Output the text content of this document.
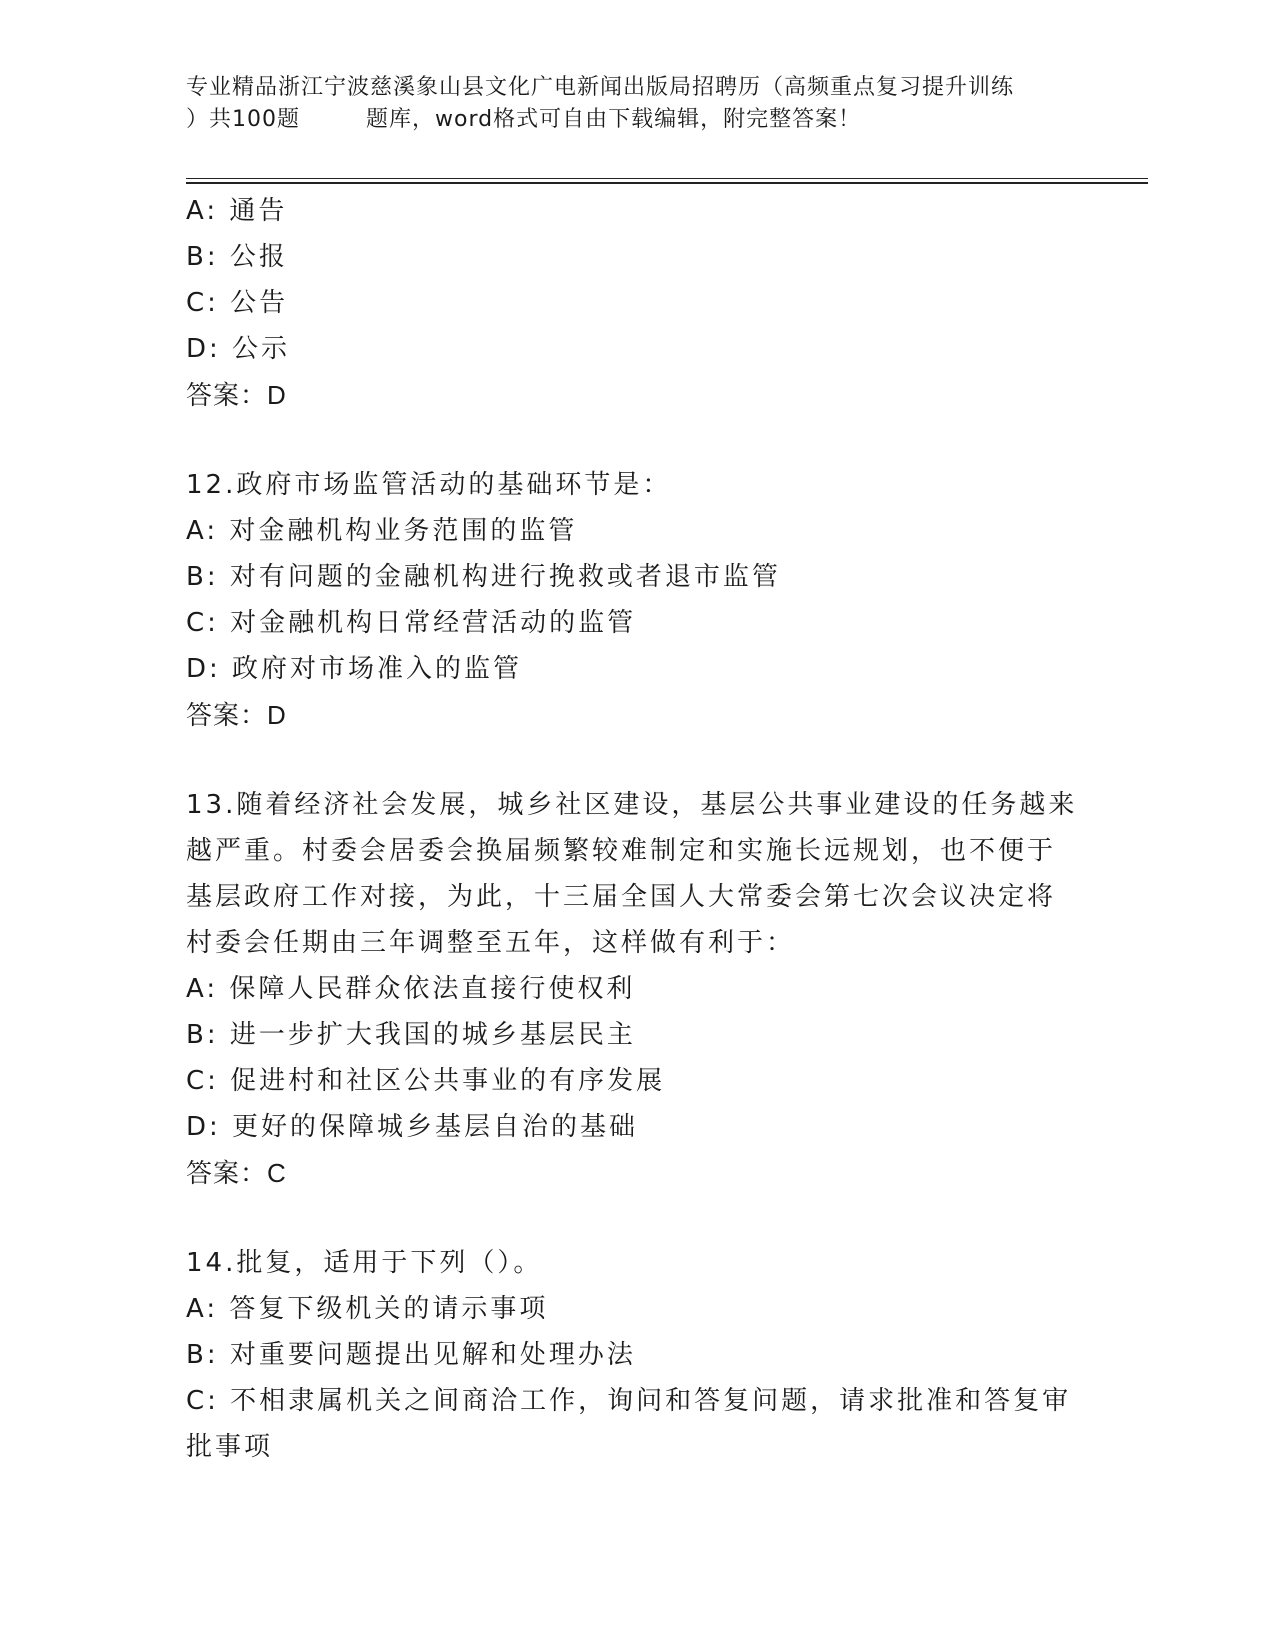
专业精品浙江宁波慈溪象山县文化广电新闻出版局招聘历（高频重点复习提升训练
）共100题	题库，word格式可自由下载编辑，附完整答案！
A: 通告
B: 公报
C: 公告
D: 公示
答案：D
12.政府市场监管活动的基础环节是：
A: 对金融机构业务范围的监管
B: 对有问题的金融机构进行挽救或者退市监管
C: 对金融机构日常经营活动的监管
D: 政府对市场准入的监管
答案：D
13.随着经济社会发展，城乡社区建设，基层公共事业建设的任务越来
越严重。村委会居委会换届频繁较难制定和实施长远规划，也不便于
基层政府工作对接，为此，十三届全国人大常委会第七次会议决定将
村委会任期由三年调整至五年，这样做有利于：
A: 保障人民群众依法直接行使权利
B: 进一步扩大我国的城乡基层民主
C: 促进村和社区公共事业的有序发展
D: 更好的保障城乡基层自治的基础
答案：C
14.批复，适用于下列（）。
A: 答复下级机关的请示事项
B: 对重要问题提出见解和处理办法
C: 不相隶属机关之间商洽工作，询问和答复问题，请求批准和答复审
批事项
